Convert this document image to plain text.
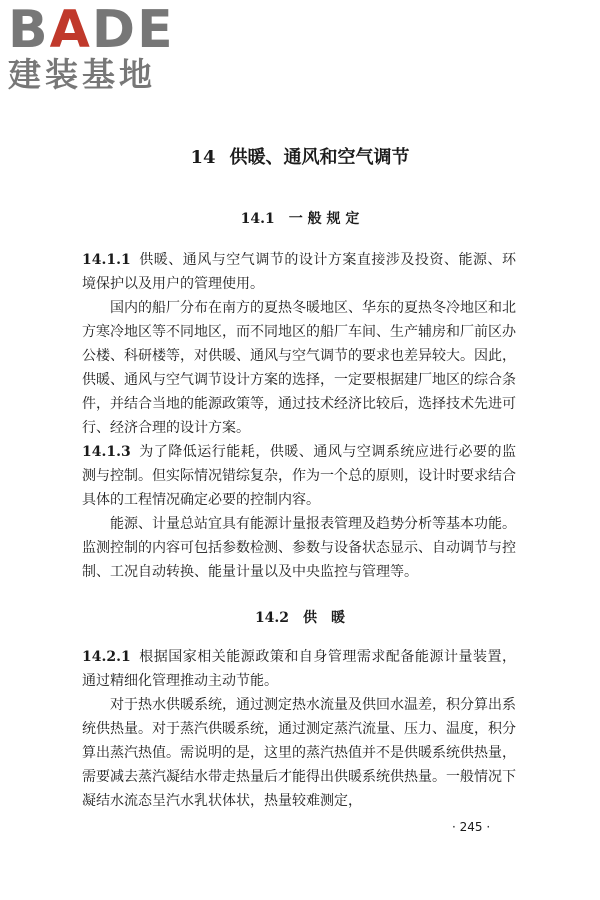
BADE
建装基地
14 供暖、通风和空气调节
14.1 一 般 规 定

14.1.1 供暖、通风与空气调节的设计方案直接涉及投资、能源、环境保护以及用户的管理使用。

国内的船厂分布在南方的夏热冬暖地区、华东的夏热冬冷地区和北方寒冷地区等不同地区，而不同地区的船厂车间、生产辅房和厂前区办公楼、科研楼等，对供暖、通风与空气调节的要求也差异较大。因此，供暖、通风与空气调节设计方案的选择，一定要根据建厂地区的综合条件，并结合当地的能源政策等，通过技术经济比较后，选择技术先进可行、经济合理的设计方案。

14.1.3 为了降低运行能耗，供暖、通风与空调系统应进行必要的监测与控制。但实际情况错综复杂，作为一个总的原则，设计时要求结合具体的工程情况确定必要的控制内容。

能源、计量总站宜具有能源计量报表管理及趋势分析等基本功能。监测控制的内容可包括参数检测、参数与设备状态显示、自动调节与控制、工况自动转换、能量计量以及中央监控与管理等。

14.2 供　暖

14.2.1 根据国家相关能源政策和自身管理需求配备能源计量装置，通过精细化管理推动主动节能。

对于热水供暖系统，通过测定热水流量及供回水温差，积分算出系统供热量。对于蒸汽供暖系统，通过测定蒸汽流量、压力、温度，积分算出蒸汽热值。需说明的是，这里的蒸汽热值并不是供暖系统供热量，需要减去蒸汽凝结水带走热量后才能得出供暖系统供热量。一般情况下凝结水流态呈汽水乳状体状，热量较难测定，

· 245 ·
